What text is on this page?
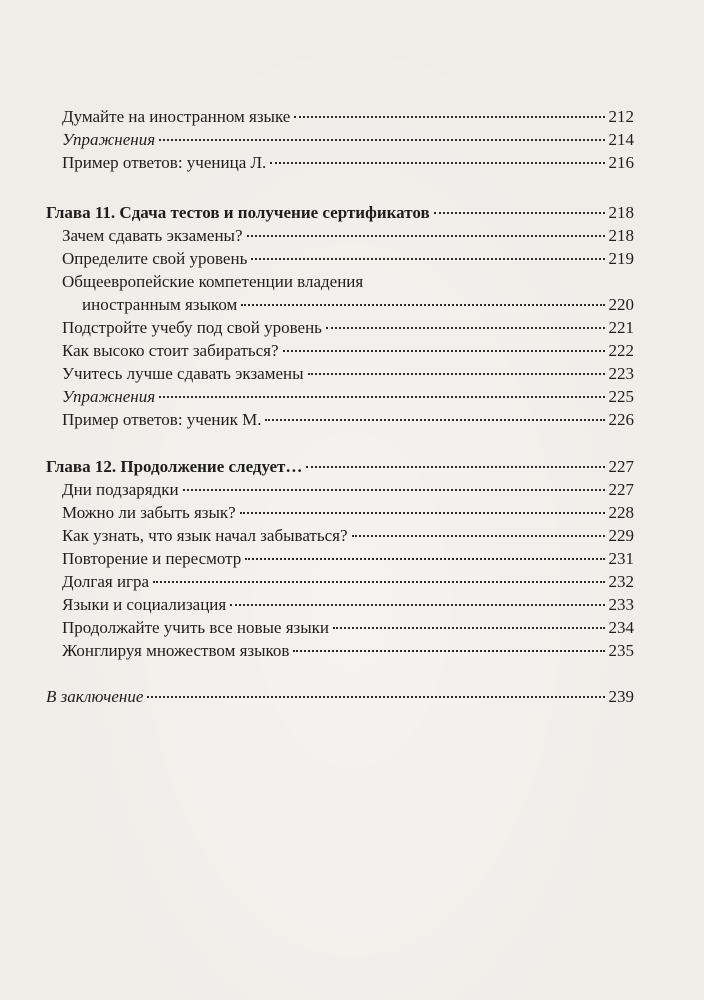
Думайте на иностранном языке	212
Упражнения	214
Пример ответов: ученица Л.	216
Глава 11. Сдача тестов и получение сертификатов	218
Зачем сдавать экзамены?	218
Определите свой уровень	219
Общеевропейские компетенции владения
иностранным языком	220
Подстройте учебу под свой уровень	221
Как высоко стоит забираться?	222
Учитесь лучше сдавать экзамены	223
Упражнения	225
Пример ответов: ученик М.	226
Глава 12. Продолжение следует…	227
Дни подзарядки	227
Можно ли забыть язык?	228
Как узнать, что язык начал забываться?	229
Повторение и пересмотр	231
Долгая игра	232
Языки и социализация	233
Продолжайте учить все новые языки	234
Жонглируя множеством языков	235
В заключение	239
